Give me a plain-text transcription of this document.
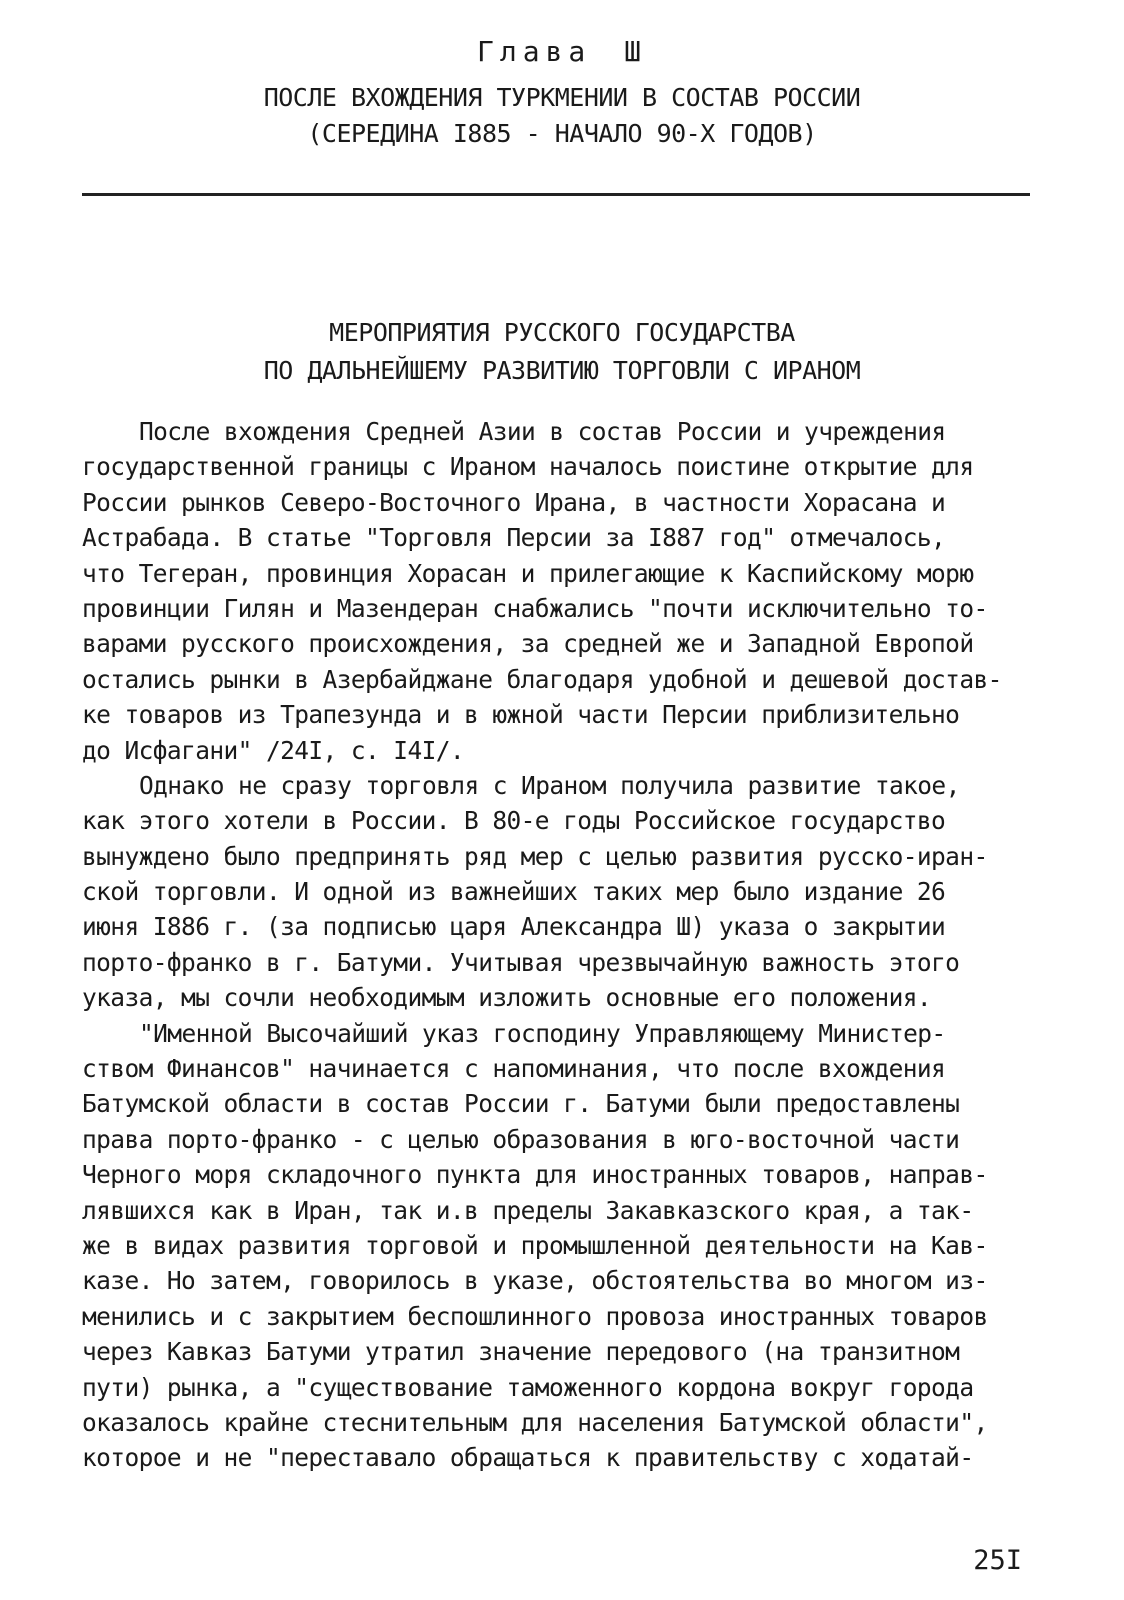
Глава Ш
ПОСЛЕ ВХОЖДЕНИЯ ТУРКМЕНИИ В СОСТАВ РОССИИ
(СЕРЕДИНА I885 - НАЧАЛО 90-Х ГОДОВ)
МЕРОПРИЯТИЯ РУССКОГО ГОСУДАРСТВА
ПО ДАЛЬНЕЙШЕМУ РАЗВИТИЮ ТОРГОВЛИ С ИРАНОМ
После вхождения Средней Азии в состав России и учреждения
государственной границы с Ираном началось поистине открытие для
России рынков Северо-Восточного Ирана, в частности Хорасана и
Астрабада. В статье "Торговля Персии за I887 год" отмечалось,
что Тегеран, провинция Хорасан и прилегающие к Каспийскому морю
провинции Гилян и Мазендеран снабжались "почти исключительно то-
варами русского происхождения, за средней же и Западной Европой
остались рынки в Азербайджане благодаря удобной и дешевой достав-
ке товаров из Трапезунда и в южной части Персии приблизительно
до Исфагани" /24I, с. I4I/.
Однако не сразу торговля с Ираном получила развитие такое,
как этого хотели в России. В 80-е годы Российское государство
вынуждено было предпринять ряд мер с целью развития русско-иран-
ской торговли. И одной из важнейших таких мер было издание 26
июня I886 г. (за подписью царя Александра Ш) указа о закрытии
порто-франко в г. Батуми. Учитывая чрезвычайную важность этого
указа, мы сочли необходимым изложить основные его положения.
"Именной Высочайший указ господину Управляющему Министер-
ством Финансов" начинается с напоминания, что после вхождения
Батумской области в состав России г. Батуми были предоставлены
права порто-франко - с целью образования в юго-восточной части
Черного моря складочного пункта для иностранных товаров, направ-
лявшихся как в Иран, так и.в пределы Закавказского края, а так-
же в видах развития торговой и промышленной деятельности на Кав-
казе. Но затем, говорилось в указе, обстоятельства во многом из-
менились и с закрытием беспошлинного провоза иностранных товаров
через Кавказ Батуми утратил значение передового (на транзитном
пути) рынка, а "существование таможенного кордона вокруг города
оказалось крайне стеснительным для населения Батумской области",
которое и не "переставало обращаться к правительству с ходатай-
25I
